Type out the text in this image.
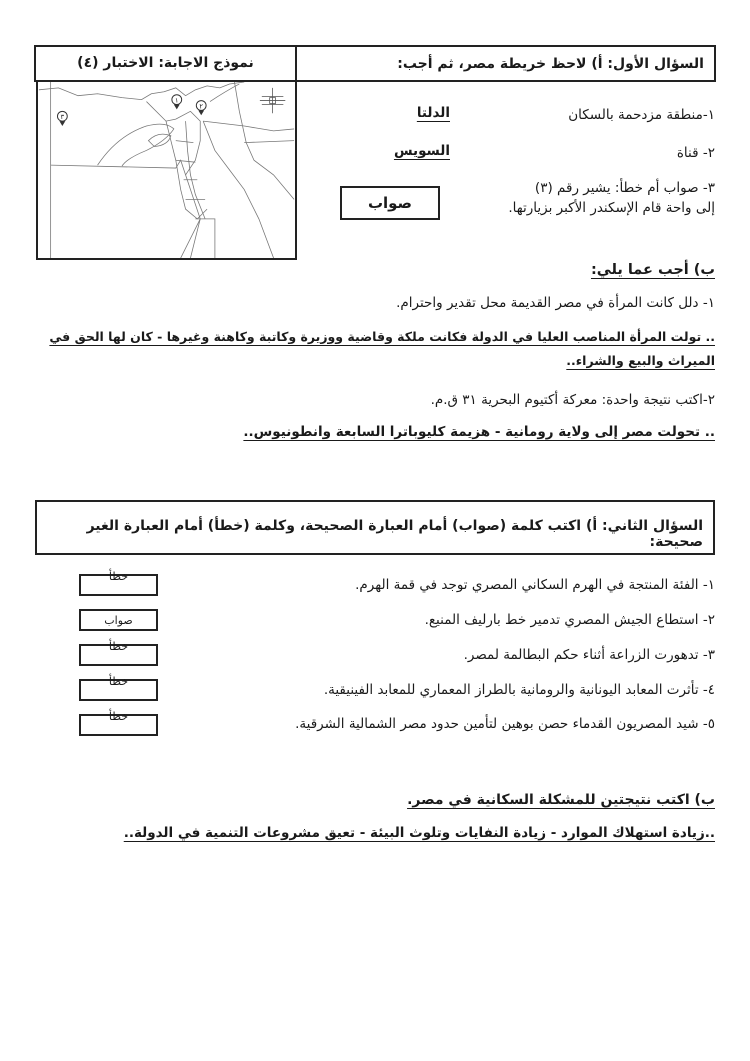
السؤال الأول: أ) لاحظ خريطة مصر، ثم أجب:
نموذج الاجابة: الاختبار (٤)
١
٢
٣	١-منطقة مزدحمة بالسكان
الدلتا
٢- قناة
السويس
٣- صواب أم خطأ: يشير رقم (٣)
إلى واحة قام الإسكندر الأكبر بزيارتها.
صواب
ب) أجب عما يلي:
١- دلل كانت المرأة في مصر القديمة محل تقدير واحترام.
.. تولت المرأة المناصب العليا في الدولة فكانت ملكة وقاضية ووزيرة وكاتبة وكاهنة وغيرها - كان لها الحق في
الميراث والبيع والشراء..
٢-اكتب نتيجة واحدة: معركة أكتيوم البحرية ٣١ ق.م.
.. تحولت مصر إلى ولاية رومانية - هزيمة كليوباترا السابعة وانطونيوس..
السؤال الثاني: أ) اكتب كلمة (صواب) أمام العبارة الصحيحة، وكلمة (خطأ) أمام العبارة الغير صحيحة:
١- الفئة المنتجة في الهرم السكاني المصري توجد في قمة الهرم.
خطأ
٢- استطاع الجيش المصري تدمير خط بارليف المنيع.
صواب
٣- تدهورت الزراعة أثناء حكم البطالمة لمصر.
خطأ
٤- تأثرت المعابد اليونانية والرومانية بالطراز المعماري للمعابد الفينيقية.
خطأ
٥- شيد المصريون القدماء حصن بوهين لتأمين حدود مصر الشمالية الشرقية.
خطأ
ب) اكتب نتيجتين للمشكلة السكانية في مصر.
..زيادة استهلاك الموارد - زيادة النفايات وتلوث البيئة - تعيق مشروعات التنمية في الدولة..
